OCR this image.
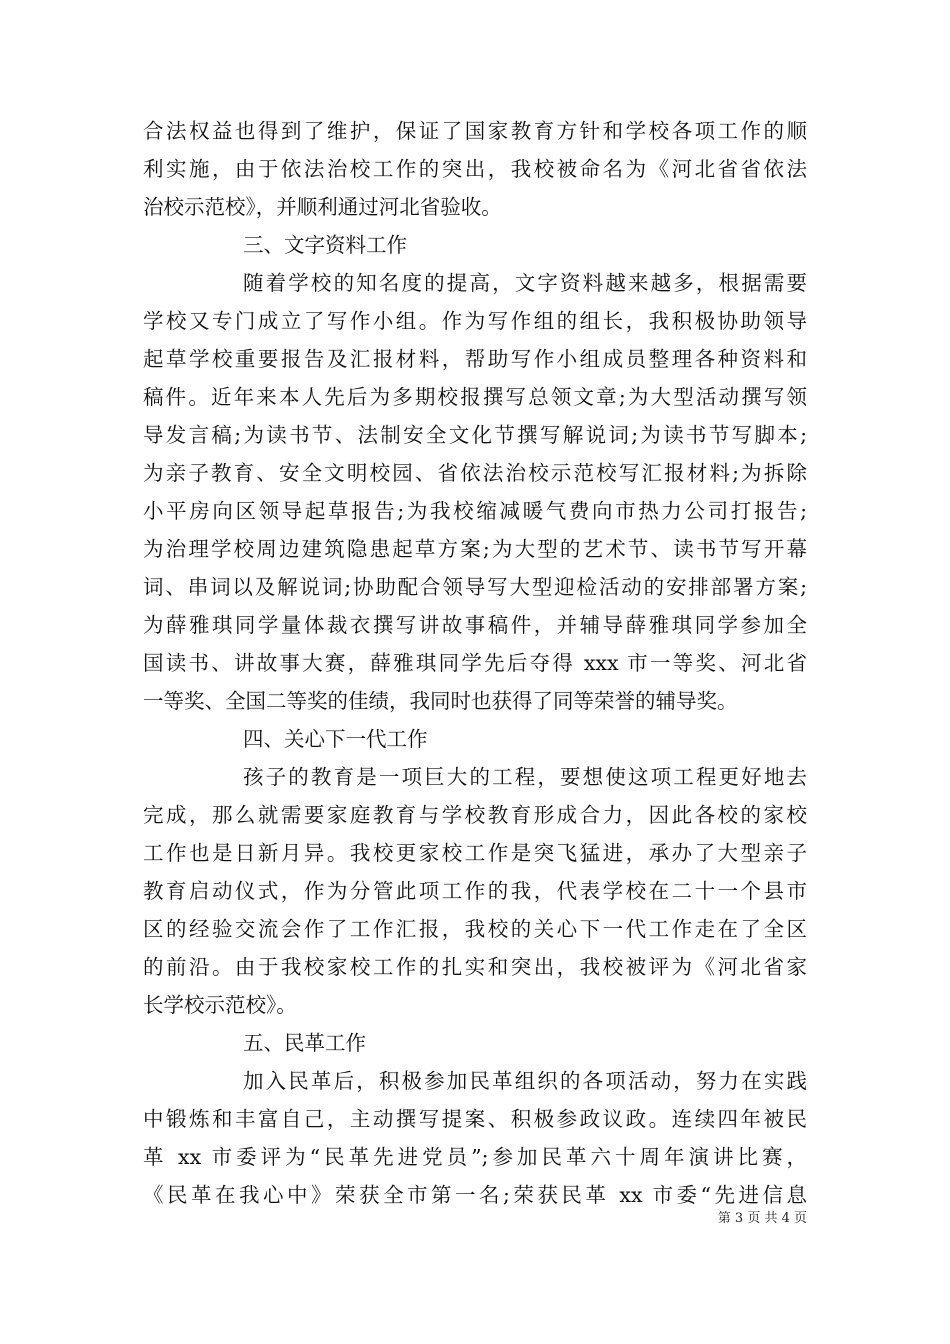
合法权益也得到了维护，保证了国家教育方针和学校各项工作的顺
利实施，由于依法治校工作的突出，我校被命名为《河北省省依法
治校示范校》，并顺利通过河北省验收。
三、文字资料工作
随着学校的知名度的提高，文字资料越来越多，根据需要
学校又专门成立了写作小组。作为写作组的组长，我积极协助领导
起草学校重要报告及汇报材料，帮助写作小组成员整理各种资料和
稿件。近年来本人先后为多期校报撰写总领文章;为大型活动撰写领
导发言稿;为读书节、法制安全文化节撰写解说词;为读书节写脚本;
为亲子教育、安全文明校园、省依法治校示范校写汇报材料;为拆除
小平房向区领导起草报告;为我校缩减暖气费向市热力公司打报告;
为治理学校周边建筑隐患起草方案;为大型的艺术节、读书节写开幕
词、串词以及解说词;协助配合领导写大型迎检活动的安排部署方案;
为薛雅琪同学量体裁衣撰写讲故事稿件，并辅导薛雅琪同学参加全
国读书、讲故事大赛，薛雅琪同学先后夺得 xxx 市一等奖、河北省
一等奖、全国二等奖的佳绩，我同时也获得了同等荣誉的辅导奖。
四、关心下一代工作
孩子的教育是一项巨大的工程，要想使这项工程更好地去
完成，那么就需要家庭教育与学校教育形成合力，因此各校的家校
工作也是日新月异。我校更家校工作是突飞猛进，承办了大型亲子
教育启动仪式，作为分管此项工作的我，代表学校在二十一个县市
区的经验交流会作了工作汇报，我校的关心下一代工作走在了全区
的前沿。由于我校家校工作的扎实和突出，我校被评为《河北省家
长学校示范校》。
五、民革工作
加入民革后，积极参加民革组织的各项活动，努力在实践
中锻炼和丰富自己，主动撰写提案、积极参政议政。连续四年被民
革 xx 市委评为“民革先进党员”;参加民革六十周年演讲比赛，
《民革在我心中》荣获全市第一名;荣获民革 xx 市委“先进信息
第 3 页 共 4 页
